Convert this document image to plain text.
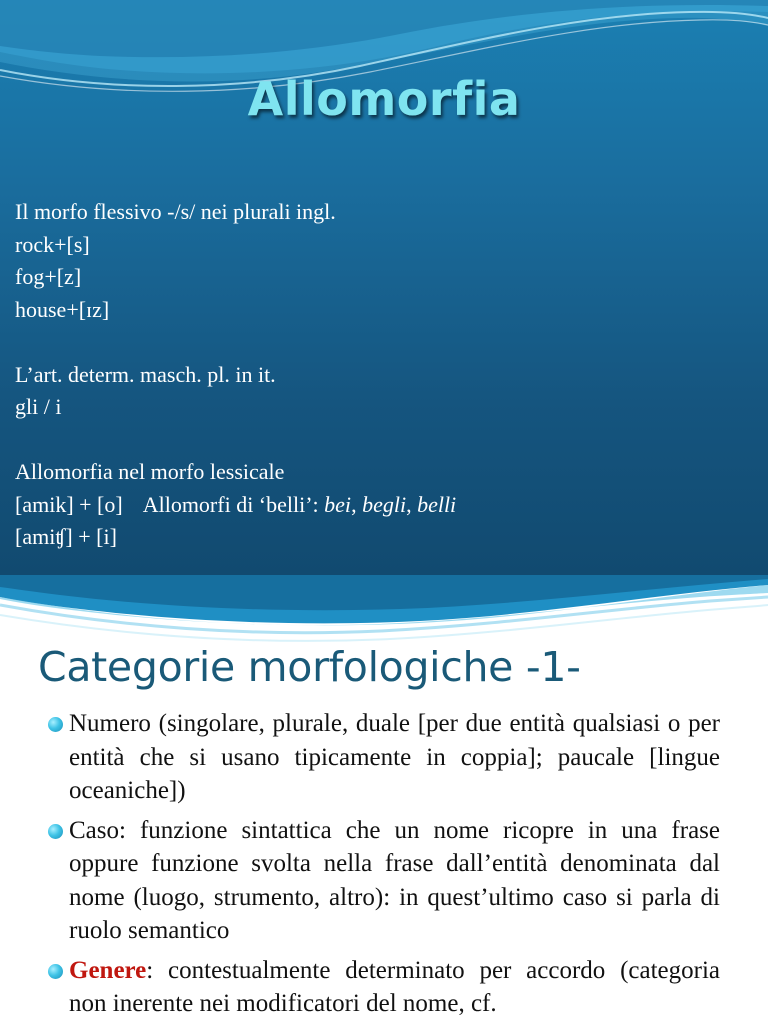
Allomorfia
Il morfo flessivo -/s/ nei plurali ingl.
rock+[s]
fog+[z]
house+[ɪz]
L’art. determ. masch. pl. in it.
gli / i
Allomorfia nel morfo lessicale
[amik] + [o] Allomorfi di ‘belli’: bei, begli, belli
[amiʧ] + [i]
Categorie morfologiche -1-
Numero (singolare, plurale, duale [per due entità qualsiasi o per entità che si usano tipicamente in coppia]; paucale [lingue oceaniche])
Caso: funzione sintattica che un nome ricopre in una frase oppure funzione svolta nella frase dall’entità denominata dal nome (luogo, strumento, altro): in quest’ultimo caso si parla di ruolo semantico
Genere: contestualmente determinato per accordo (categoria non inerente nei modificatori del nome, cf.
